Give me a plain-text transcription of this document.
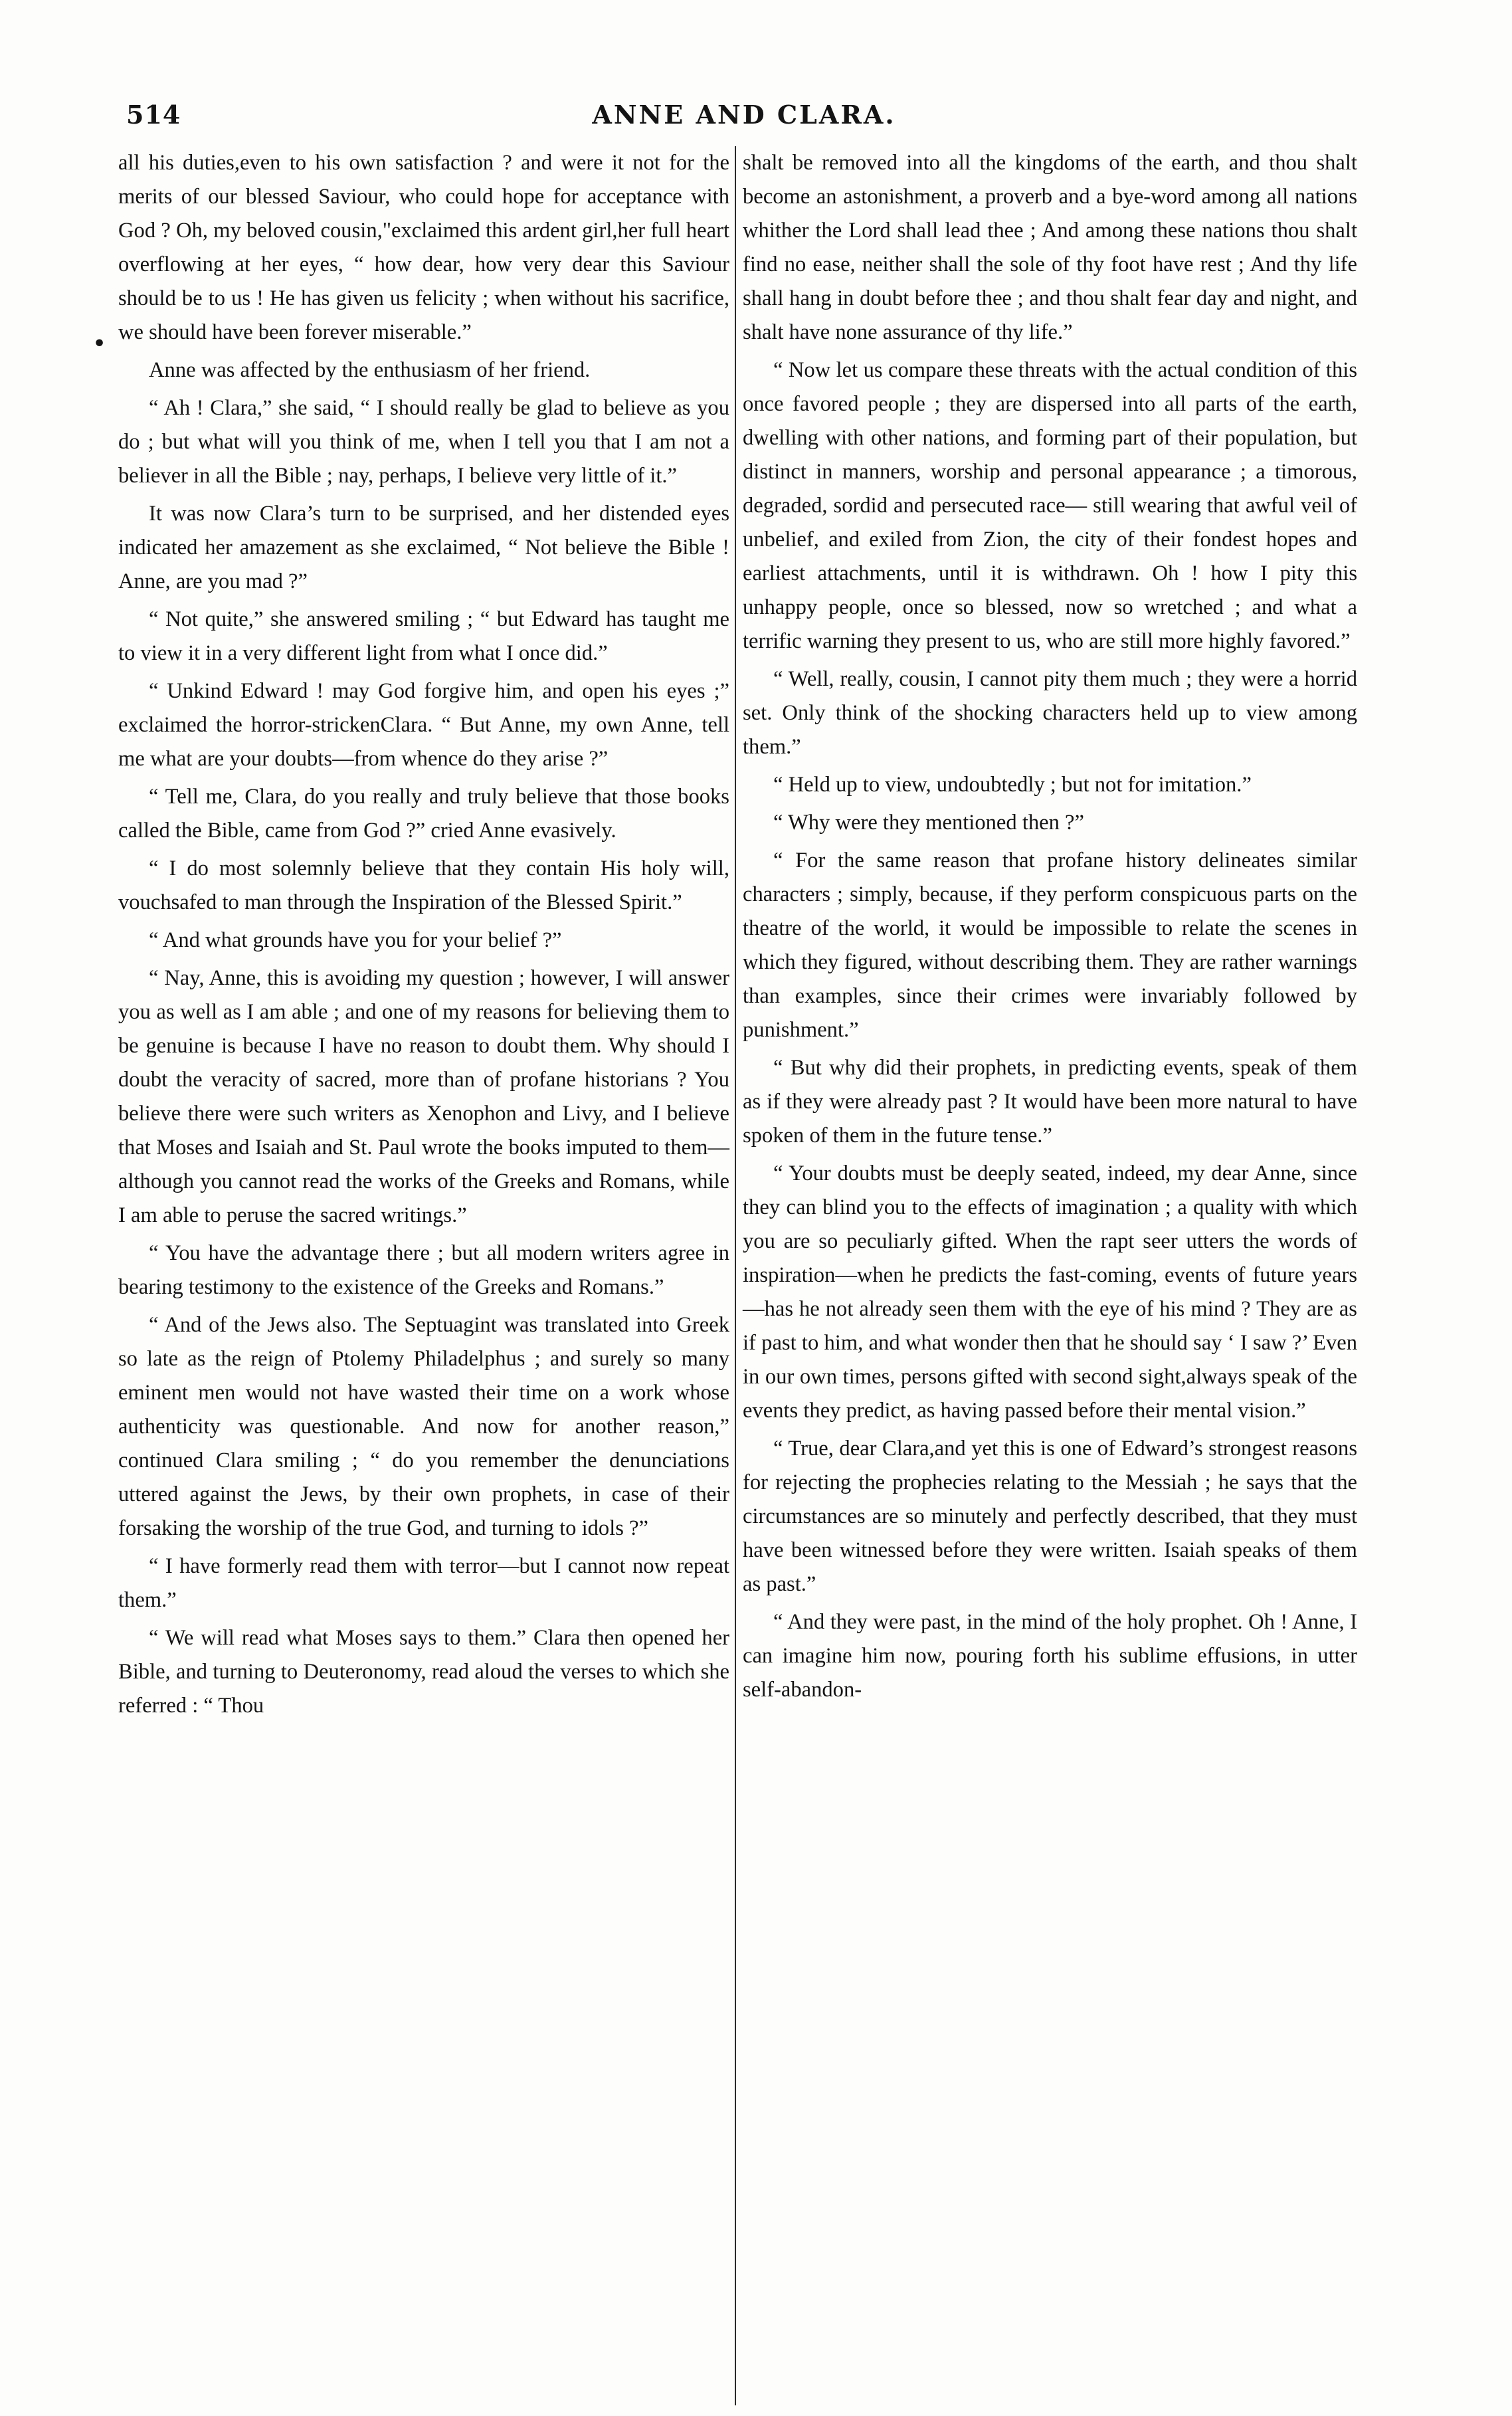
514	ANNE AND CLARA.
•

all his duties,even to his own satisfaction ? and were it not for the merits of our blessed Saviour, who could hope for acceptance with God ? Oh, my beloved cousin,"exclaimed this ardent girl,her full heart overflowing at her eyes, “ how dear, how very dear this Saviour should be to us ! He has given us felicity ; when without his sacrifice, we should have been forever miserable.”

Anne was affected by the enthusiasm of her friend.

“ Ah ! Clara,” she said, “ I should really be glad to believe as you do ; but what will you think of me, when I tell you that I am not a believer in all the Bible ; nay, perhaps, I believe very little of it.”

It was now Clara’s turn to be surprised, and her distended eyes indicated her amazement as she exclaimed, “ Not believe the Bible ! Anne, are you mad ?”

“ Not quite,” she answered smiling ; “ but Edward has taught me to view it in a very different light from what I once did.”

“ Unkind Edward ! may God forgive him, and open his eyes ;” exclaimed the horror-strickenClara. “ But Anne, my own Anne, tell me what are your doubts—from whence do they arise ?”

“ Tell me, Clara, do you really and truly believe that those books called the Bible, came from God ?” cried Anne evasively.

“ I do most solemnly believe that they contain His holy will, vouchsafed to man through the Inspiration of the Blessed Spirit.”

“ And what grounds have you for your belief ?”

“ Nay, Anne, this is avoiding my question ; however, I will answer you as well as I am able ; and one of my reasons for believing them to be genuine is because I have no reason to doubt them. Why should I doubt the veracity of sacred, more than of profane historians ? You believe there were such writers as Xenophon and Livy, and I believe that Moses and Isaiah and St. Paul wrote the books imputed to them—although you cannot read the works of the Greeks and Romans, while I am able to peruse the sacred writings.”

“ You have the advantage there ; but all modern writers agree in bearing testimony to the existence of the Greeks and Romans.”

“ And of the Jews also. The Septuagint was translated into Greek so late as the reign of Ptolemy Philadelphus ; and surely so many eminent men would not have wasted their time on a work whose authenticity was questionable. And now for another reason,” continued Clara smiling ; “ do you remember the denunciations uttered against the Jews, by their own prophets, in case of their forsaking the worship of the true God, and turning to idols ?”

“ I have formerly read them with terror—but I cannot now repeat them.”

“ We will read what Moses says to them.” Clara then opened her Bible, and turning to Deuteronomy, read aloud the verses to which she referred : “ Thou

shalt be removed into all the kingdoms of the earth, and thou shalt become an astonishment, a proverb and a bye-word among all nations whither the Lord shall lead thee ; And among these nations thou shalt find no ease, neither shall the sole of thy foot have rest ; And thy life shall hang in doubt before thee ; and thou shalt fear day and night, and shalt have none assurance of thy life.”

“ Now let us compare these threats with the actual condition of this once favored people ; they are dispersed into all parts of the earth, dwelling with other nations, and forming part of their population, but distinct in manners, worship and personal appearance ; a timorous, degraded, sordid and persecuted race— still wearing that awful veil of unbelief, and exiled from Zion, the city of their fondest hopes and earliest attachments, until it is withdrawn. Oh ! how I pity this unhappy people, once so blessed, now so wretched ; and what a terrific warning they present to us, who are still more highly favored.”

“ Well, really, cousin, I cannot pity them much ; they were a horrid set. Only think of the shocking characters held up to view among them.”

“ Held up to view, undoubtedly ; but not for imitation.”

“ Why were they mentioned then ?”

“ For the same reason that profane history delineates similar characters ; simply, because, if they perform conspicuous parts on the theatre of the world, it would be impossible to relate the scenes in which they figured, without describing them. They are rather warnings than examples, since their crimes were invariably followed by punishment.”

“ But why did their prophets, in predicting events, speak of them as if they were already past ? It would have been more natural to have spoken of them in the future tense.”

“ Your doubts must be deeply seated, indeed, my dear Anne, since they can blind you to the effects of imagination ; a quality with which you are so peculiarly gifted. When the rapt seer utters the words of inspiration—when he predicts the fast-coming, events of future years—has he not already seen them with the eye of his mind ? They are as if past to him, and what wonder then that he should say ‘ I saw ?’ Even in our own times, persons gifted with second sight,always speak of the events they predict, as having passed before their mental vision.”

“ True, dear Clara,and yet this is one of Edward’s strongest reasons for rejecting the prophecies relating to the Messiah ; he says that the circumstances are so minutely and perfectly described, that they must have been witnessed before they were written. Isaiah speaks of them as past.”

“ And they were past, in the mind of the holy prophet. Oh ! Anne, I can imagine him now, pouring forth his sublime effusions, in utter self-abandon-
